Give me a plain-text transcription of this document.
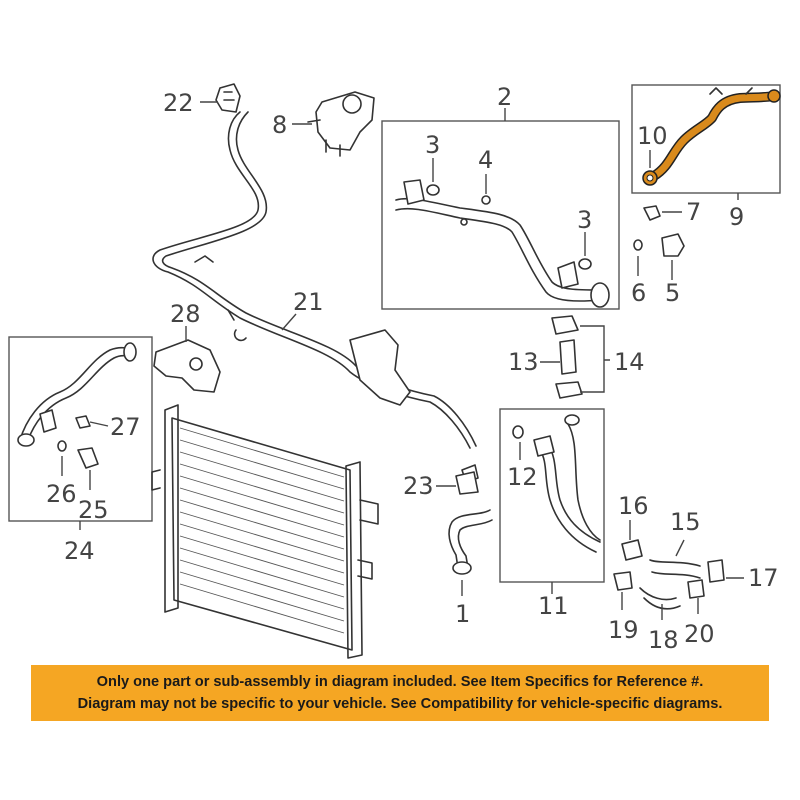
22
8
2
3
4
3
10
9
7
6 5
21
28
13	14
12
23
1	11
16
15
17
19 18 20
27
26
25
24
Only one part or sub-assembly in diagram included. See Item Specifics for Reference #.
Diagram may not be specific to your vehicle. See Compatibility for vehicle-specific diagrams.
